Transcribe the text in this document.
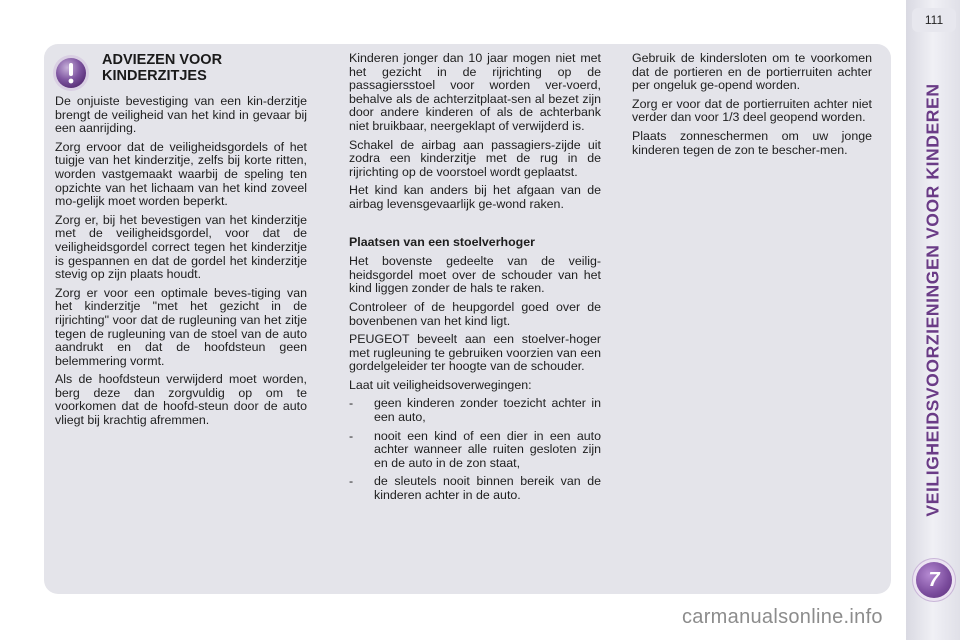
111
VEILIGHEIDSVOORZIENINGEN VOOR KINDEREN
7
ADVIEZEN VOOR KINDERZITJES

De onjuiste bevestiging van een kin-derzitje brengt de veiligheid van het kind in gevaar bij een aanrijding.

Zorg ervoor dat de veiligheidsgordels of het tuigje van het kinderzitje, zelfs bij korte ritten, worden vastgemaakt waarbij de speling ten opzichte van het lichaam van het kind zoveel mo-gelijk moet worden beperkt.

Zorg er, bij het bevestigen van het kinderzitje met de veiligheidsgordel, voor dat de veiligheidsgordel correct tegen het kinderzitje is gespannen en dat de gordel het kinderzitje stevig op zijn plaats houdt.

Zorg er voor een optimale beves-tiging van het kinderzitje "met het gezicht in de rijrichting" voor dat de rugleuning van het zitje tegen de rugleuning van de stoel van de auto aandrukt en dat de hoofdsteun geen belemmering vormt.

Als de hoofdsteun verwijderd moet worden, berg deze dan zorgvuldig op om te voorkomen dat de hoofd-steun door de auto vliegt bij krachtig afremmen.

Kinderen jonger dan 10 jaar mogen niet met het gezicht in de rijrichting op de passagiersstoel voor worden ver-voerd, behalve als de achterzitplaat-sen al bezet zijn door andere kinderen of als de achterbank niet bruikbaar, neergeklapt of verwijderd is.

Schakel de airbag aan passagiers-zijde uit zodra een kinderzitje met de rug in de rijrichting op de voorstoel wordt geplaatst.

Het kind kan anders bij het afgaan van de airbag levensgevaarlijk ge-wond raken.

Plaatsen van een stoelverhoger

Het bovenste gedeelte van de veilig-heidsgordel moet over de schouder van het kind liggen zonder de hals te raken.

Controleer of de heupgordel goed over de bovenbenen van het kind ligt.

PEUGEOT beveelt aan een stoelver-hoger met rugleuning te gebruiken voorzien van een gordelgeleider ter hoogte van de schouder.

Laat uit veiligheidsoverwegingen:

-	geen kinderen zonder toezicht achter in een auto,
-	nooit een kind of een dier in een auto achter wanneer alle ruiten gesloten zijn en de auto in de zon staat,
-	de sleutels nooit binnen bereik van de kinderen achter in de auto.

Gebruik de kindersloten om te voorkomen dat de portieren en de portierruiten achter per ongeluk ge-opend worden.

Zorg er voor dat de portierruiten achter niet verder dan voor 1/3 deel geopend worden.

Plaats zonneschermen om uw jonge kinderen tegen de zon te bescher-men.

carmanualsonline.info
